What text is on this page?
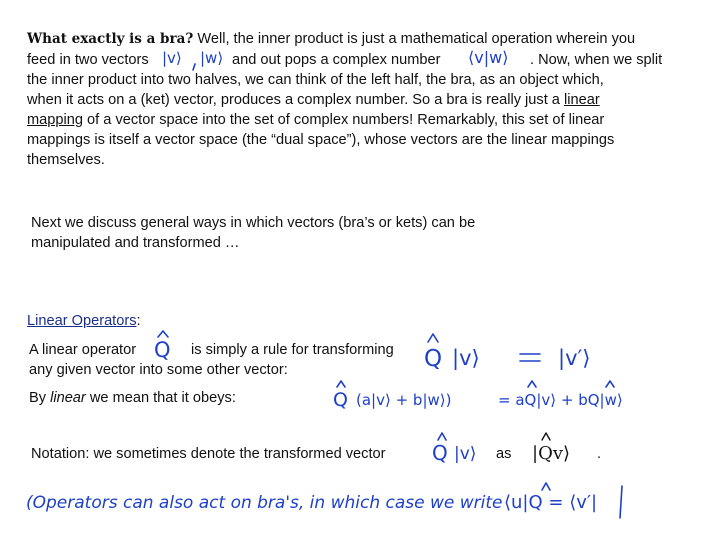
What exactly is a bra? Well, the inner product is just a mathematical operation wherein you
feed in two vectors |v⟩ |w⟩ and out pops a complex number ⟨v|w⟩ . Now, when we split
the inner product into two halves, we can think of the left half, the bra, as an object which,
when it acts on a (ket) vector, produces a complex number. So a bra is really just a linear
mapping of a vector space into the set of complex numbers! Remarkably, this set of linear
mappings is itself a vector space (the “dual space”), whose vectors are the linear mappings
themselves.
Next we discuss general ways in which vectors (bra’s or kets) can be
manipulated and transformed …
Linear Operators:
A linear operator Q is simply a rule for transforming
any given vector into some other vector:	Q |v⟩	|v′⟩
By linear we mean that it obeys:	Q (a|v⟩ + b|w⟩)	= aQ|v⟩ + bQ|w⟩
Notation: we sometimes denote the transformed vector Q |v⟩ as |Qv⟩ .
(Operators can also act on bra's, in which case we write ⟨u|Q = ⟨v′|
